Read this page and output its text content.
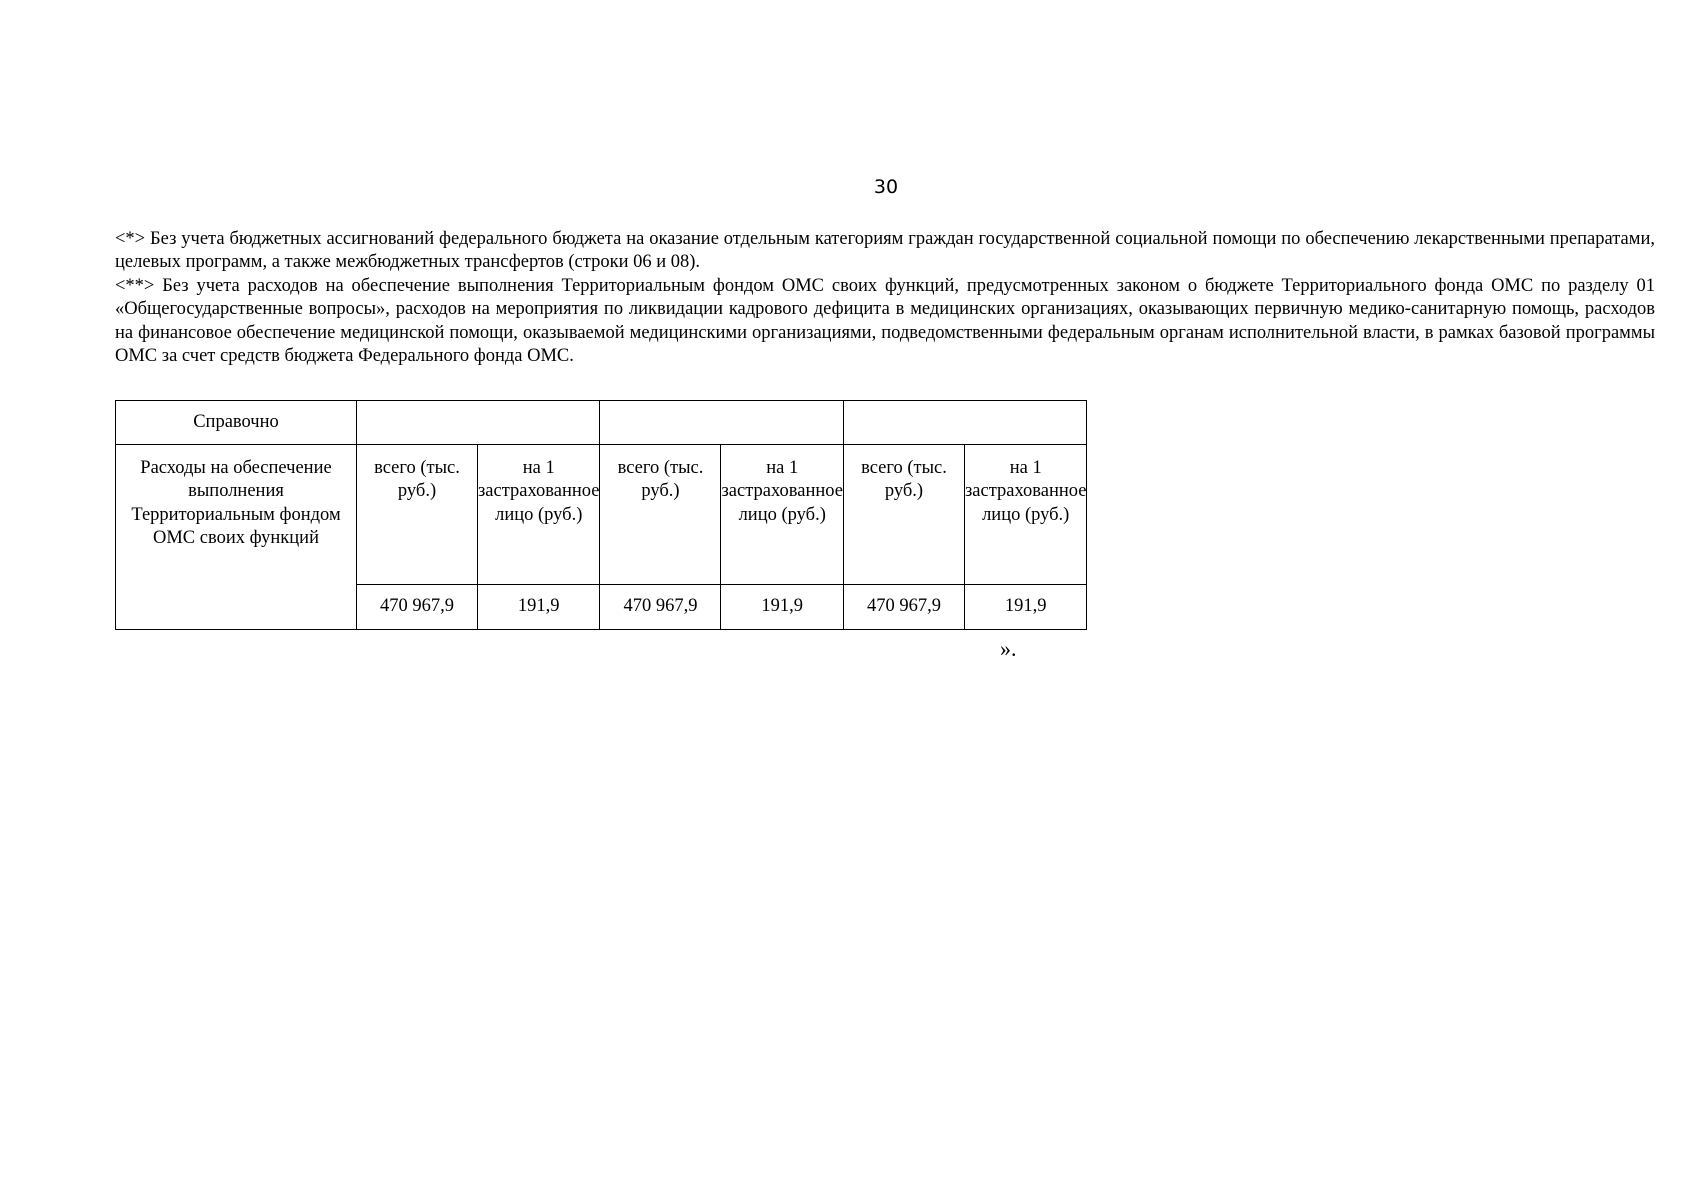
30

<*> Без учета бюджетных ассигнований федерального бюджета на оказание отдельным категориям граждан государственной социальной помощи по обеспечению лекарственными препаратами, целевых программ, а также межбюджетных трансфертов (строки 06 и 08).

<**> Без учета расходов на обеспечение выполнения Территориальным фондом ОМС своих функций, предусмотренных законом о бюджете Территориального фонда ОМС по разделу 01 «Общегосударственные вопросы», расходов на мероприятия по ликвидации кадрового дефицита в медицинских организациях, оказывающих первичную медико-санитарную помощь, расходов на финансовое обеспечение медицинской помощи, оказываемой медицинскими организациями, подведомственными федеральным органам исполнительной власти, в рамках базовой программы ОМС за счет средств бюджета Федерального фонда ОМС.

Справочно						
Расходы на обеспечение выполнения Территориальным фондом ОМС своих функций	всего (тыс. руб.)	на 1 застрахованное лицо (руб.)	всего (тыс. руб.)	на 1 застрахованное лицо (руб.)	всего (тыс. руб.)	на 1 застрахованное лицо (руб.)
	470 967,9	191,9	470 967,9	191,9	470 967,9	191,9
».
